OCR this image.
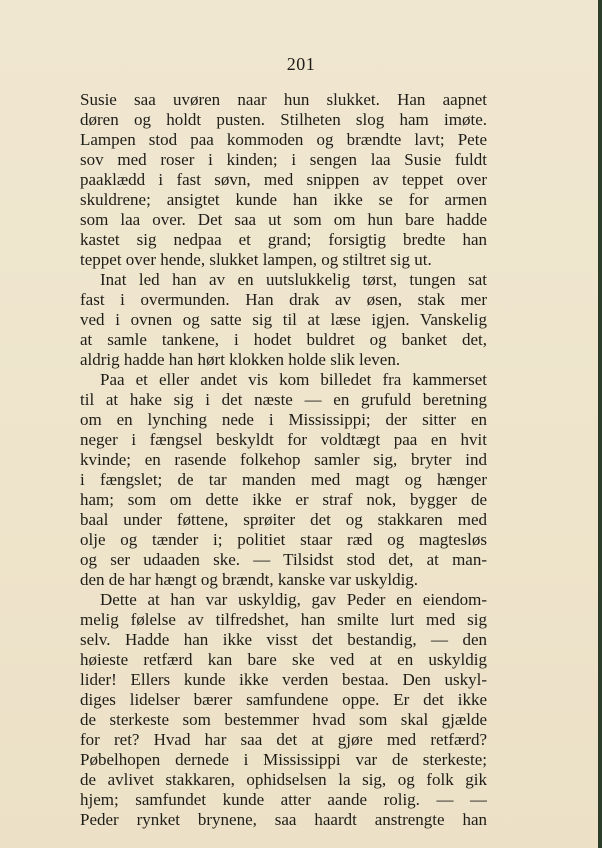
201
Susie saa uvøren naar hun slukket. Han aapnet
døren og holdt pusten. Stilheten slog ham imøte.
Lampen stod paa kommoden og brændte lavt; Pete
sov med roser i kinden; i sengen laa Susie fuldt
paaklædd i fast søvn, med snippen av teppet over
skuldrene; ansigtet kunde han ikke se for armen
som laa over. Det saa ut som om hun bare hadde
kastet sig nedpaa et grand; forsigtig bredte han
teppet over hende, slukket lampen, og stiltret sig ut.
Inat led han av en uutslukkelig tørst, tungen sat
fast i overmunden. Han drak av øsen, stak mer
ved i ovnen og satte sig til at læse igjen. Vanskelig
at samle tankene, i hodet buldret og banket det,
aldrig hadde han hørt klokken holde slik leven.
Paa et eller andet vis kom billedet fra kammerset
til at hake sig i det næste — en grufuld beretning
om en lynching nede i Mississippi; der sitter en
neger i fængsel beskyldt for voldtægt paa en hvit
kvinde; en rasende folkehop samler sig, bryter ind
i fængslet; de tar manden med magt og hænger
ham; som om dette ikke er straf nok, bygger de
baal under føttene, sprøiter det og stakkaren med
olje og tænder i; politiet staar ræd og magtesløs
og ser udaaden ske. — Tilsidst stod det, at man-
den de har hængt og brændt, kanske var uskyldig.
Dette at han var uskyldig, gav Peder en eiendom-
melig følelse av tilfredshet, han smilte lurt med sig
selv. Hadde han ikke visst det bestandig, — den
høieste retfærd kan bare ske ved at en uskyldig
lider! Ellers kunde ikke verden bestaa. Den uskyl-
diges lidelser bærer samfundene oppe. Er det ikke
de sterkeste som bestemmer hvad som skal gjælde
for ret? Hvad har saa det at gjøre med retfærd?
Pøbelhopen dernede i Mississippi var de sterkeste;
de avlivet stakkaren, ophidselsen la sig, og folk gik
hjem; samfundet kunde atter aande rolig. — —
Peder rynket brynene, saa haardt anstrengte han
